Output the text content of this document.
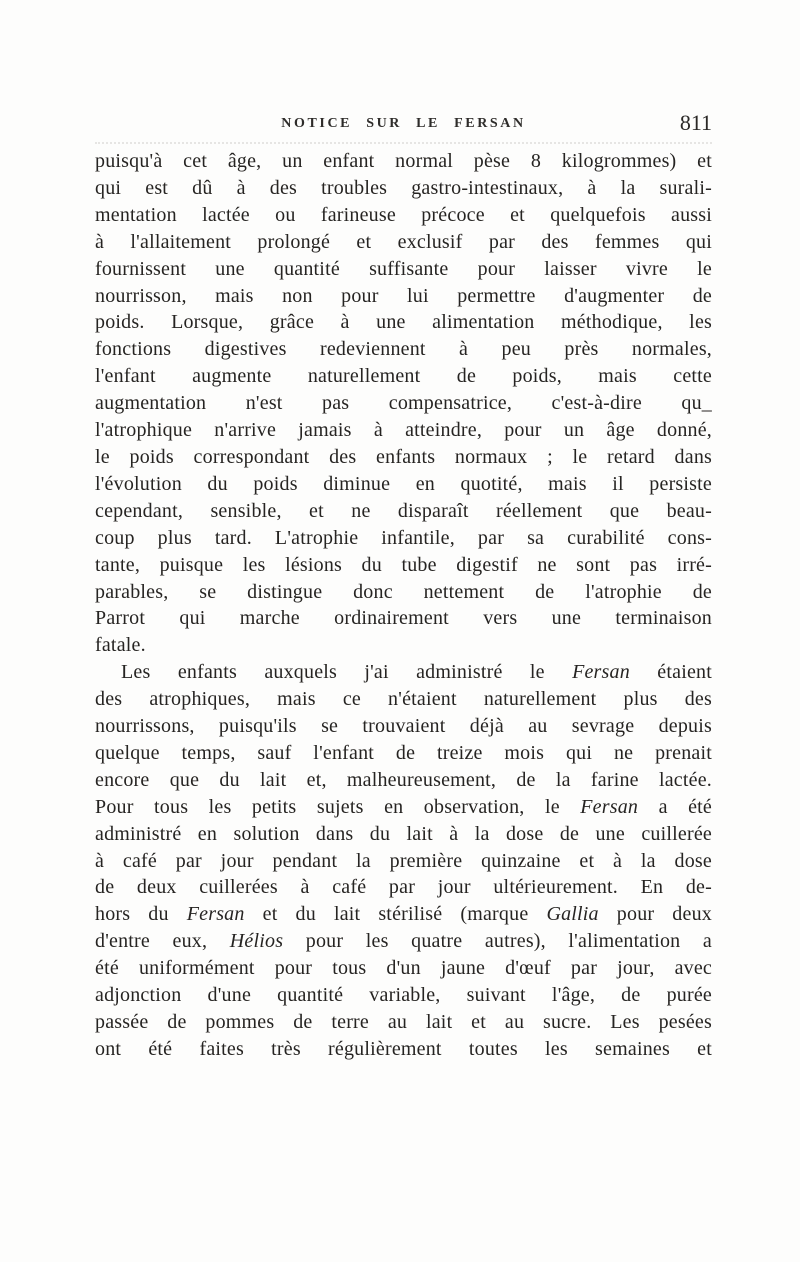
NOTICE SUR LE FERSAN	811
puisqu'à cet âge, un enfant normal pèse 8 kilogrommes) et
qui est dû à des troubles gastro-intestinaux, à la surali-
mentation lactée ou farineuse précoce et quelquefois aussi
à l'allaitement prolongé et exclusif par des femmes qui
fournissent une quantité suffisante pour laisser vivre le
nourrisson, mais non pour lui permettre d'augmenter de
poids. Lorsque, grâce à une alimentation méthodique, les
fonctions digestives redeviennent à peu près normales,
l'enfant augmente naturellement de poids, mais cette
augmentation n'est pas compensatrice, c'est-à-dire qu_
l'atrophique n'arrive jamais à atteindre, pour un âge donné,
le poids correspondant des enfants normaux ; le retard dans
l'évolution du poids diminue en quotité, mais il persiste
cependant, sensible, et ne disparaît réellement que beau-
coup plus tard. L'atrophie infantile, par sa curabilité cons-
tante, puisque les lésions du tube digestif ne sont pas irré-
parables, se distingue donc nettement de l'atrophie de
Parrot qui marche ordinairement vers une terminaison
fatale.
Les enfants auxquels j'ai administré le Fersan étaient
des atrophiques, mais ce n'étaient naturellement plus des
nourrissons, puisqu'ils se trouvaient déjà au sevrage depuis
quelque temps, sauf l'enfant de treize mois qui ne prenait
encore que du lait et, malheureusement, de la farine lactée.
Pour tous les petits sujets en observation, le Fersan a été
administré en solution dans du lait à la dose de une cuillerée
à café par jour pendant la première quinzaine et à la dose
de deux cuillerées à café par jour ultérieurement. En de-
hors du Fersan et du lait stérilisé (marque Gallia pour deux
d'entre eux, Hélios pour les quatre autres), l'alimentation a
été uniformément pour tous d'un jaune d'œuf par jour, avec
adjonction d'une quantité variable, suivant l'âge, de purée
passée de pommes de terre au lait et au sucre. Les pesées
ont été faites très régulièrement toutes les semaines et
